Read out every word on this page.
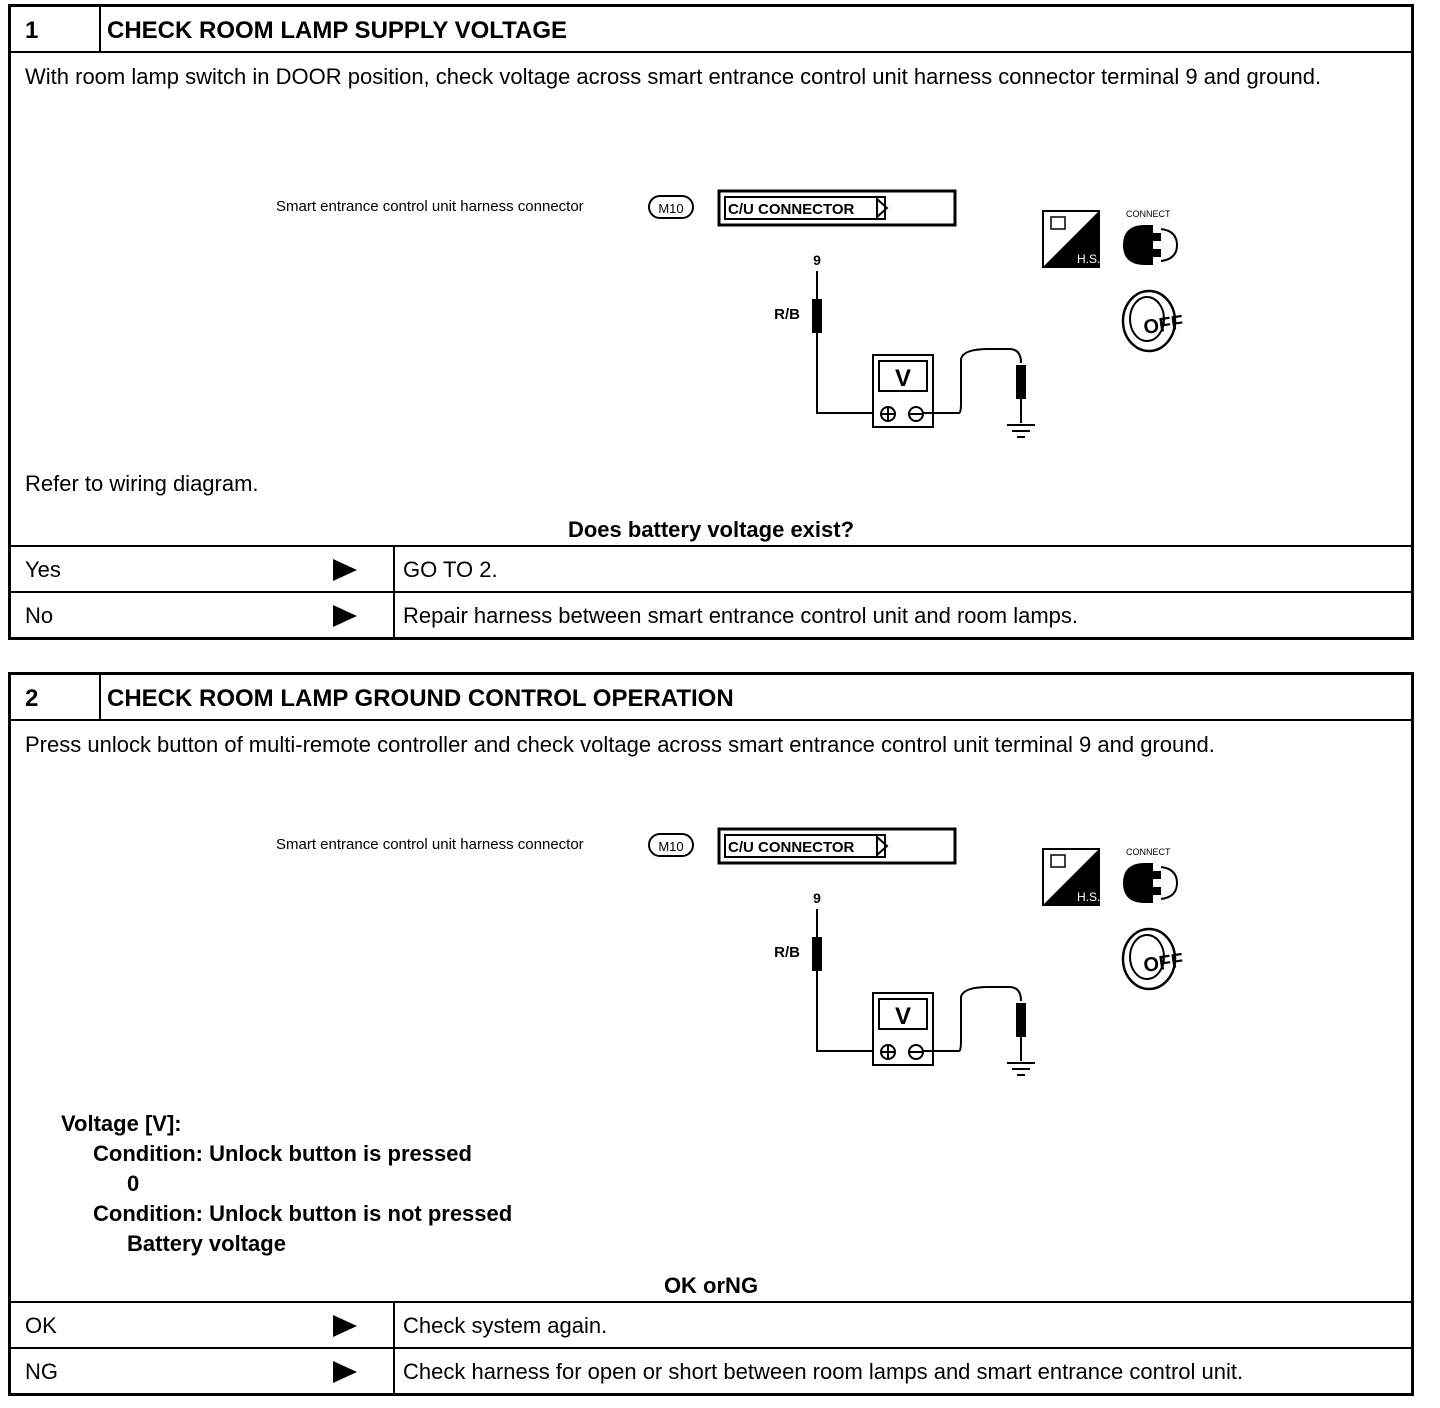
1	CHECK ROOM LAMP SUPPLY VOLTAGE

With room lamp switch in DOOR position, check voltage across smart entrance control unit harness connector terminal 9 and ground.

Smart entrance control unit harness connector	M10	C/U CONNECTOR
9
R/B
V
H.S.
CONNECT
OFF

Refer to wiring diagram.

Does battery voltage exist?

Yes	GO TO 2.
No	Repair harness between smart entrance control unit and room lamps.
2	CHECK ROOM LAMP GROUND CONTROL OPERATION

Press unlock button of multi-remote controller and check voltage across smart entrance control unit terminal 9 and ground.

Smart entrance control unit harness connector	M10	C/U CONNECTOR
9
R/B
V
H.S.
CONNECT
OFF
Voltage [V]:
Condition: Unlock button is pressed
0
Condition: Unlock button is not pressed
Battery voltage

OK orNG

OK	Check system again.
NG	Check harness for open or short between room lamps and smart entrance control unit.
